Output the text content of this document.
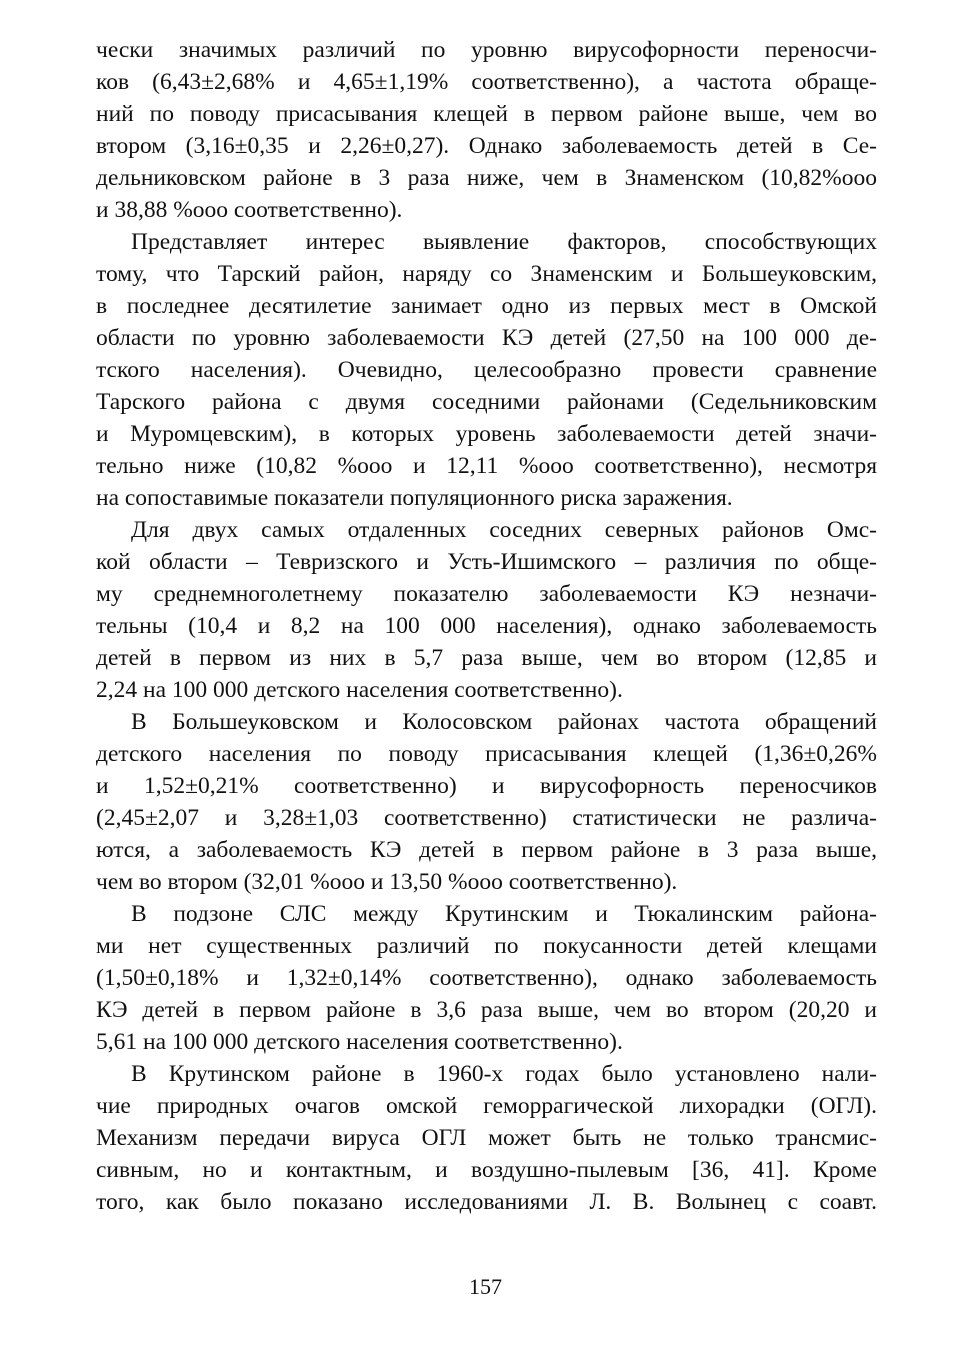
чески значимых различий по уровню вирусофорности переносчи-
ков (6,43±2,68% и 4,65±1,19% соответственно), а частота обраще-
ний по поводу присасывания клещей в первом районе выше, чем во
втором (3,16±0,35 и 2,26±0,27). Однако заболеваемость детей в Се-
дельниковском районе в 3 раза ниже, чем в Знаменском (10,82%ooo
и 38,88 %ooo соответственно).
Представляет интерес выявление факторов, способствующих
тому, что Тарский район, наряду со Знаменским и Большеуковским,
в последнее десятилетие занимает одно из первых мест в Омской
области по уровню заболеваемости КЭ детей (27,50 на 100 000 де-
тского населения). Очевидно, целесообразно провести сравнение
Тарского района с двумя соседними районами (Седельниковским
и Муромцевским), в которых уровень заболеваемости детей значи-
тельно ниже (10,82 %ooo и 12,11 %ooo соответственно), несмотря
на сопоставимые показатели популяционного риска заражения.
Для двух самых отдаленных соседних северных районов Омс-
кой области – Тевризского и Усть-Ишимского – различия по обще-
му среднемноголетнему показателю заболеваемости КЭ незначи-
тельны (10,4 и 8,2 на 100 000 населения), однако заболеваемость
детей в первом из них в 5,7 раза выше, чем во втором (12,85 и
2,24 на 100 000 детского населения соответственно).
В Большеуковском и Колосовском районах частота обращений
детского населения по поводу присасывания клещей (1,36±0,26%
и 1,52±0,21% соответственно) и вирусофорность переносчиков
(2,45±2,07 и 3,28±1,03 соответственно) статистически не различа-
ются, а заболеваемость КЭ детей в первом районе в 3 раза выше,
чем во втором (32,01 %ooo и 13,50 %ooo соответственно).
В подзоне СЛС между Крутинским и Тюкалинским района-
ми нет существенных различий по покусанности детей клещами
(1,50±0,18% и 1,32±0,14% соответственно), однако заболеваемость
КЭ детей в первом районе в 3,6 раза выше, чем во втором (20,20 и
5,61 на 100 000 детского населения соответственно).
В Крутинском районе в 1960-х годах было установлено нали-
чие природных очагов омской геморрагической лихорадки (ОГЛ).
Механизм передачи вируса ОГЛ может быть не только трансмис-
сивным, но и контактным, и воздушно-пылевым [36, 41]. Кроме
того, как было показано исследованиями Л. В. Волынец с соавт.
157
